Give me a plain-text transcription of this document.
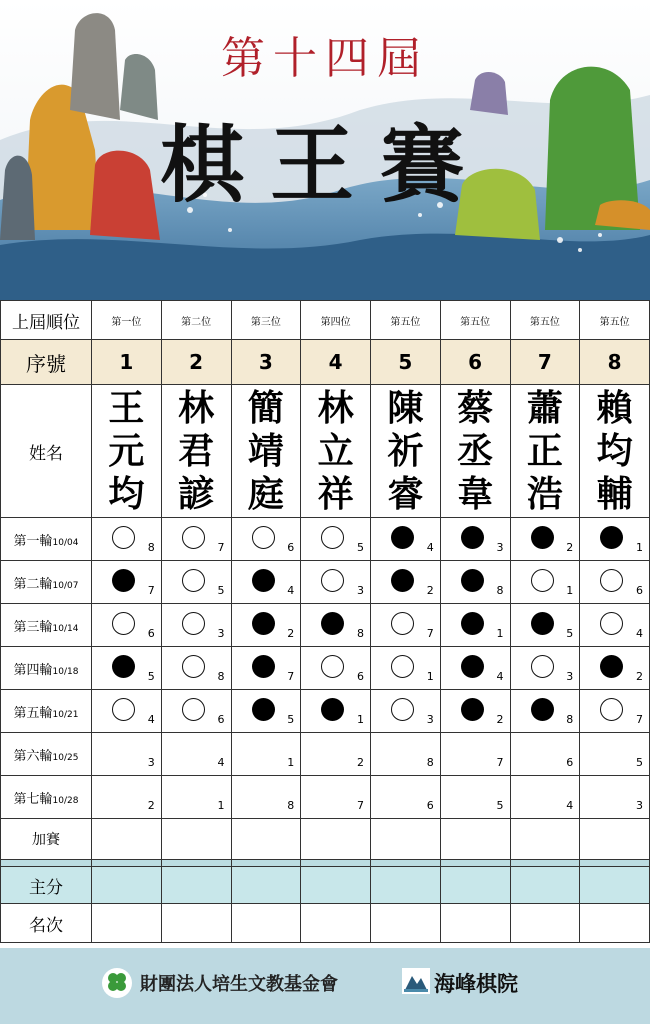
第十四屆
棋王賽
上屆順位	第一位	第二位	第三位	第四位	第五位	第五位	第五位	第五位
序號	1	2	3	4	5	6	7	8
姓名	王元均	林君諺	簡靖庭	林立祥	陳祈睿	蔡丞韋	蕭正浩	賴均輔
第一輪10/04	8	7	6	5	4	3	2	1

第二輪10/07	7	5	4	3	2	8	1	6

第三輪10/14	6	3	2	8	7	1	5	4

第四輪10/18	5	8	7	6	1	4	3	2

第五輪10/21	4	6	5	1	3	2	8	7

第六輪10/25	3	4	1	2	8	7	6	5

第七輪10/28	2	1	8	7	6	5	4	3

加賽								

主分								
名次								
財團法人培生文教基金會	海峰棋院
